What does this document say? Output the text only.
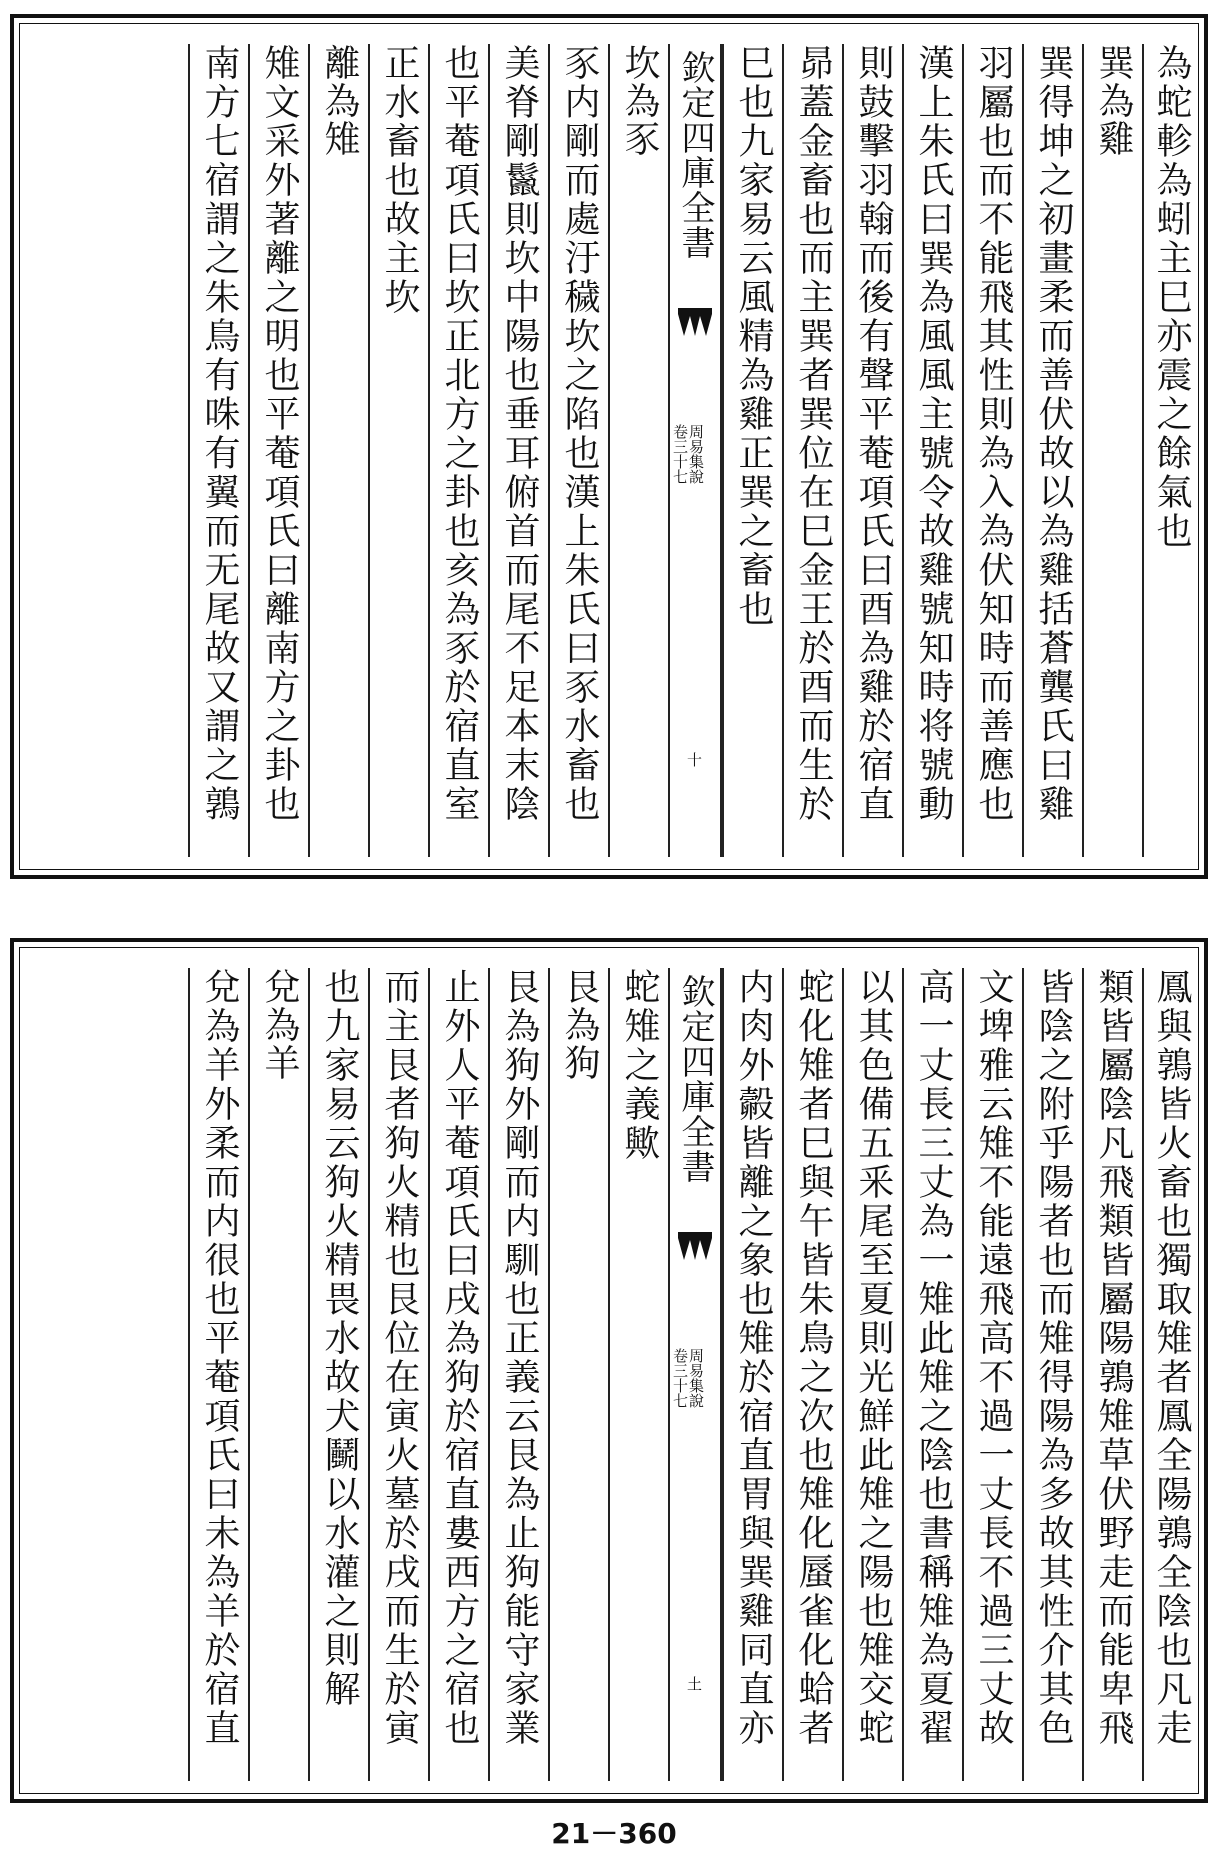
為蛇軫為蚓主巳亦震之餘氣也
巽為雞
巽得坤之初畫柔而善伏故以為雞括蒼龔氏曰雞
羽屬也而不能飛其性則為入為伏知時而善應也
漢上朱氏曰巽為風風主號令故雞號知時将號動
則鼓擊羽翰而後有聲平菴項氏曰酉為雞於宿直
昴蓋金畜也而主巽者巽位在巳金王於酉而生於
巳也九家易云風精為雞正巽之畜也
欽定四庫全書
周易集說
卷三十七
十
坎為豕
豕内剛而處汙穢坎之陷也漢上朱氏曰豕水畜也
美脊剛鬣則坎中陽也垂耳俯首而尾不足本末陰
也平菴項氏曰坎正北方之卦也亥為豕於宿直室
正水畜也故主坎
離為雉
雉文采外著離之明也平菴項氏曰離南方之卦也
南方七宿謂之朱鳥有咮有翼而无尾故又謂之鶉
鳳與鶉皆火畜也獨取雉者鳳全陽鶉全陰也凡走
類皆屬陰凡飛類皆屬陽鶉雉草伏野走而能卑飛
皆陰之附乎陽者也而雉得陽為多故其性介其色
文埤雅云雉不能遠飛高不過一丈長不過三丈故
高一丈長三丈為一雉此雉之陰也書稱雉為夏翟
以其色備五釆尾至夏則光鮮此雉之陽也雉交蛇
蛇化雉者巳與午皆朱鳥之次也雉化蜃雀化蛤者
内肉外㲉皆離之象也雉於宿直胃與巽雞同直亦
欽定四庫全書
周易集說
卷三十七
土
蛇雉之義歟
艮為狗
艮為狗外剛而内馴也正義云艮為止狗能守家業
止外人平菴項氏曰戌為狗於宿直婁西方之宿也
而主艮者狗火精也艮位在寅火墓於戌而生於寅
也九家易云狗火精畏水故犬鬭以水灌之則解
兌為羊
兌為羊外柔而内很也平菴項氏曰未為羊於宿直
21－360
